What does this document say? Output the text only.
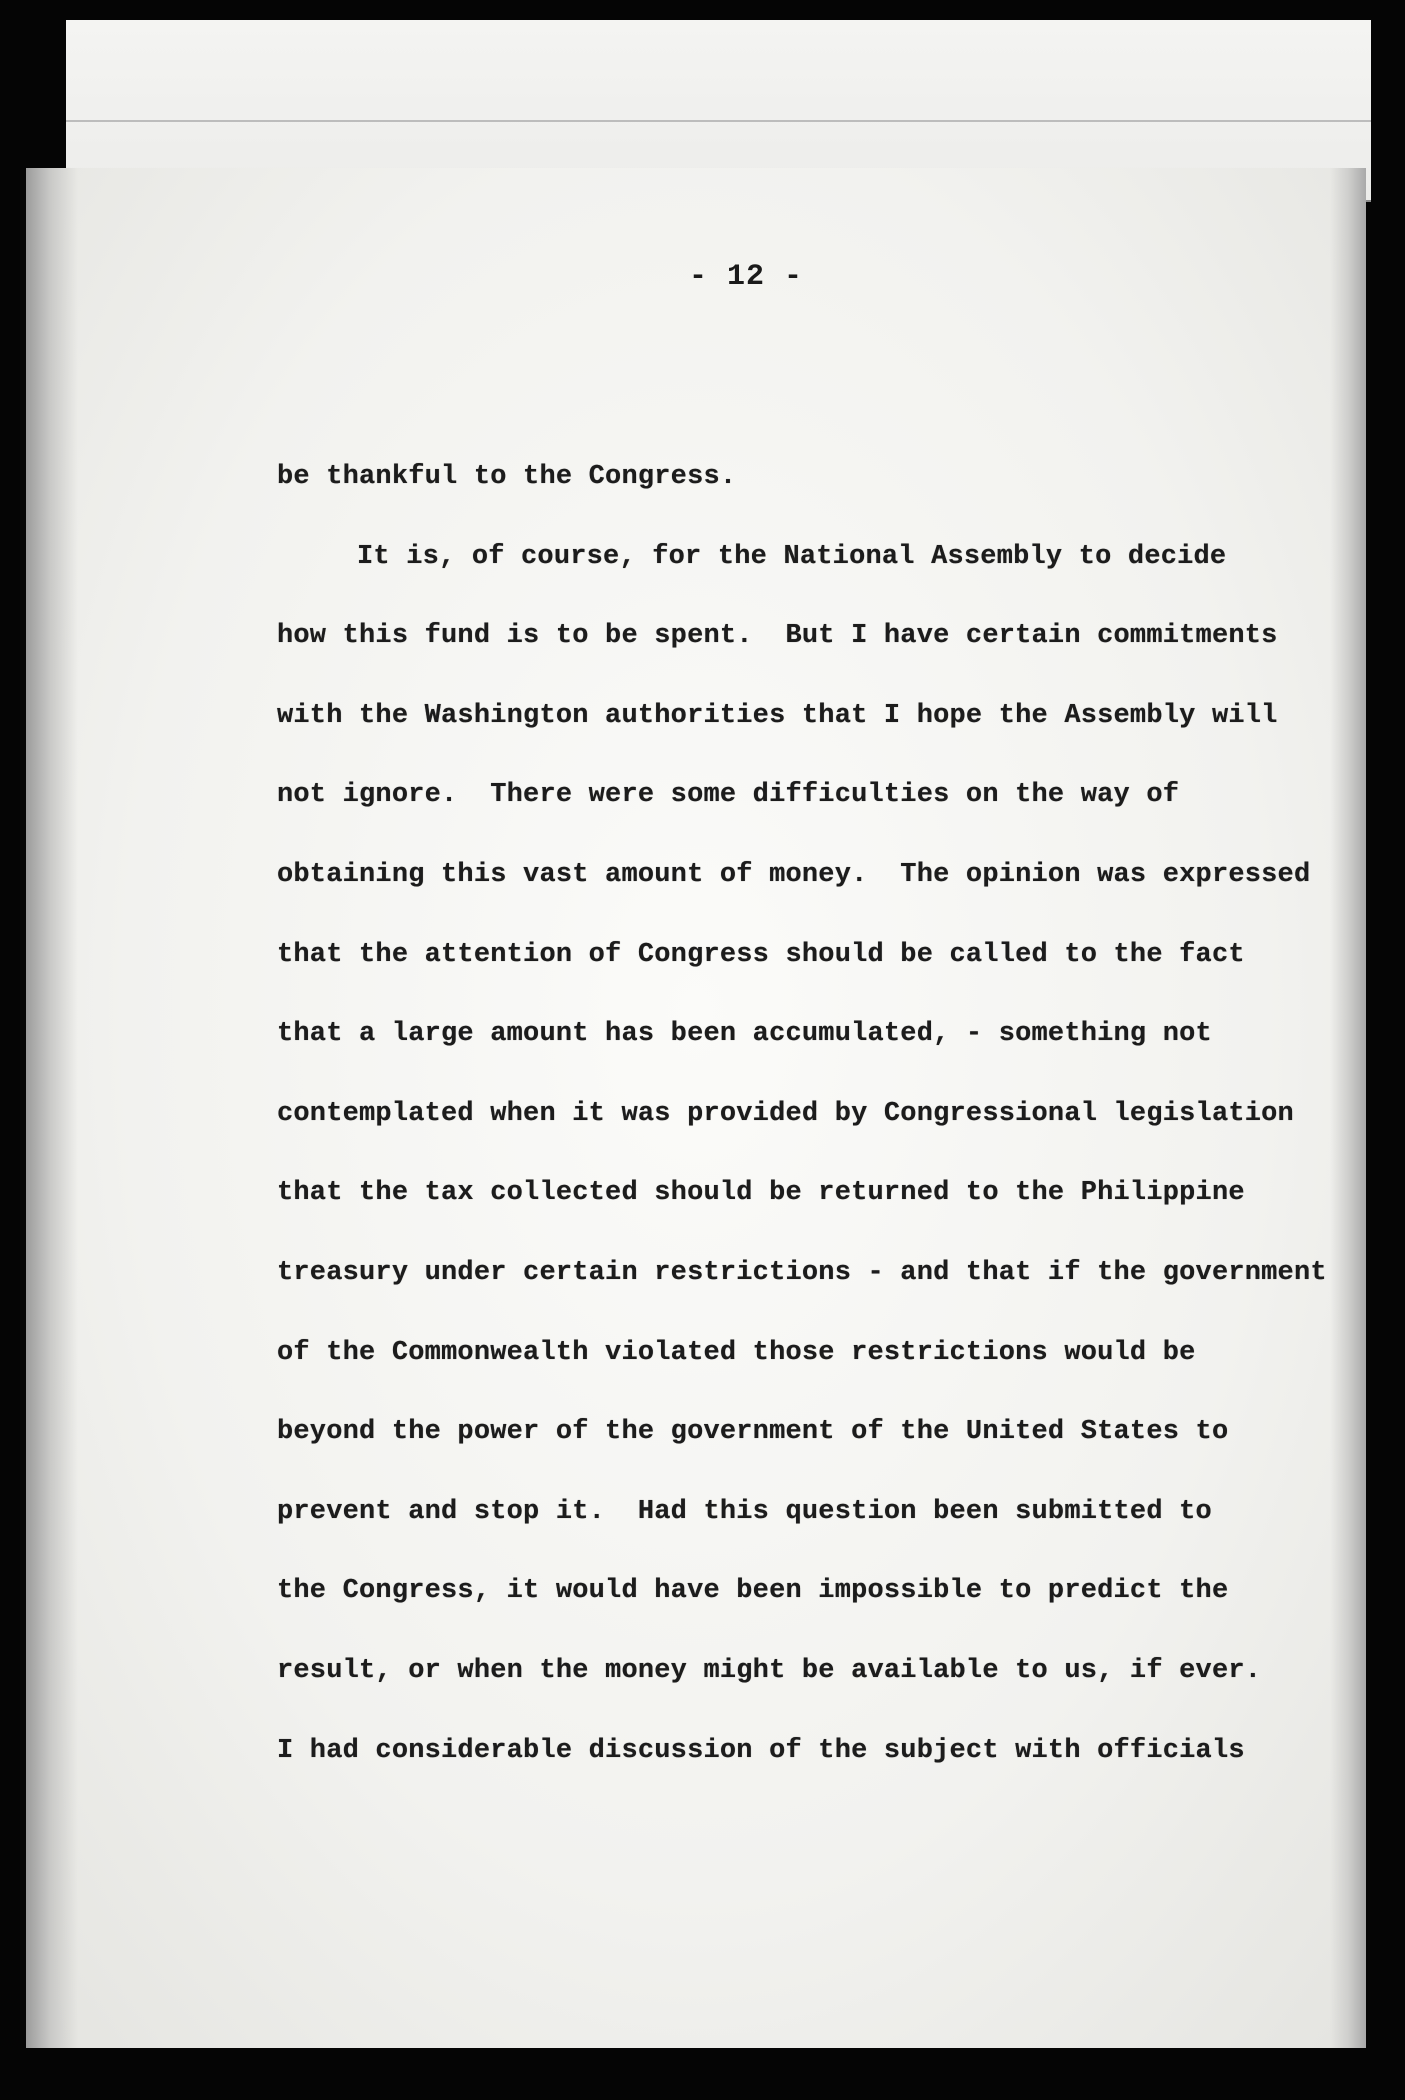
- 12 -
be thankful to the Congress.
It is, of course, for the National Assembly to decide
how this fund is to be spent.  But I have certain commitments
with the Washington authorities that I hope the Assembly will
not ignore.  There were some difficulties on the way of
obtaining this vast amount of money.  The opinion was expressed
that the attention of Congress should be called to the fact
that a large amount has been accumulated, - something not
contemplated when it was provided by Congressional legislation
that the tax collected should be returned to the Philippine
treasury under certain restrictions - and that if the government
of the Commonwealth violated those restrictions would be
beyond the power of the government of the United States to
prevent and stop it.  Had this question been submitted to
the Congress, it would have been impossible to predict the
result, or when the money might be available to us, if ever.
I had considerable discussion of the subject with officials
